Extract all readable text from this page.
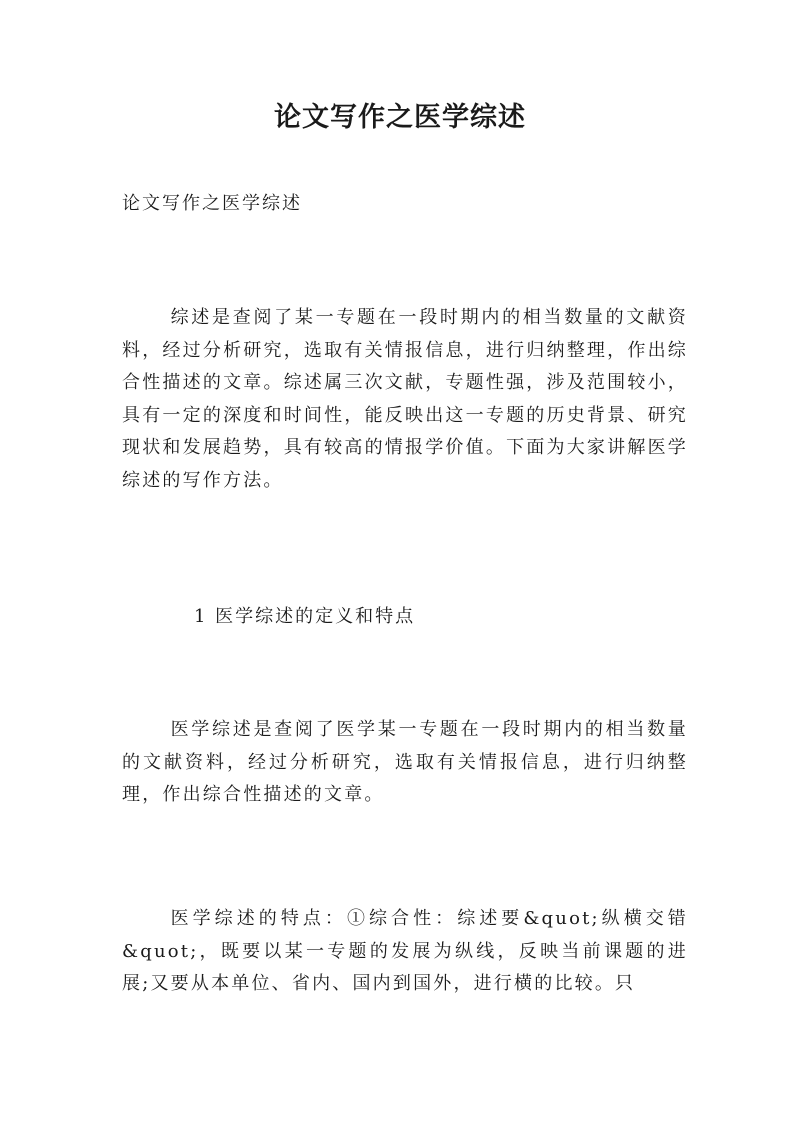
论文写作之医学综述
论文写作之医学综述

综述是查阅了某一专题在一段时期内的相当数量的文献资料，经过分析研究，选取有关情报信息，进行归纳整理，作出综合性描述的文章。综述属三次文献，专题性强，涉及范围较小，具有一定的深度和时间性，能反映出这一专题的历史背景、研究现状和发展趋势，具有较高的情报学价值。下面为大家讲解医学综述的写作方法。

1 医学综述的定义和特点

医学综述是查阅了医学某一专题在一段时期内的相当数量的文献资料，经过分析研究，选取有关情报信息，进行归纳整理，作出综合性描述的文章。

医学综述的特点：①综合性：综述要&quot;纵横交错&quot;，既要以某一专题的发展为纵线，反映当前课题的进展;又要从本单位、省内、国内到国外，进行横的比较。只
